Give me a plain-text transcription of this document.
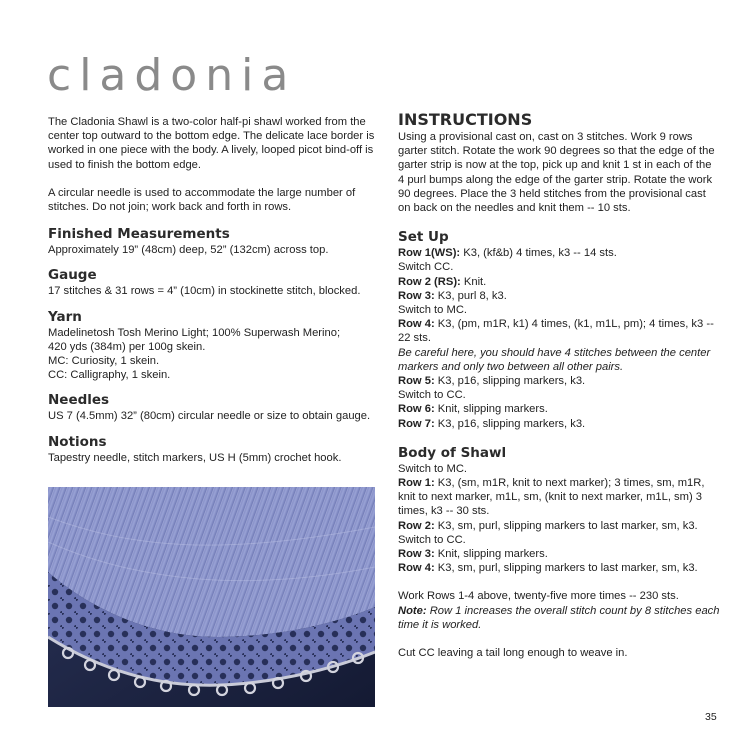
cladonia

The Cladonia Shawl is a two-color half-pi shawl worked from the center top outward to the bottom edge. The delicate lace border is worked in one piece with the body. A lively, looped picot bind-off is used to finish the bottom edge.

A circular needle is used to accommodate the large number of stitches. Do not join; work back and forth in rows.

Finished Measurements

Approximately 19” (48cm) deep, 52” (132cm) across top.

Gauge

17 stitches & 31 rows = 4” (10cm) in stockinette stitch, blocked.

Yarn

Madelinetosh Tosh Merino Light; 100% Superwash Merino;

420 yds (384m) per 100g skein.

MC: Curiosity, 1 skein.

CC: Calligraphy, 1 skein.

Needles

US 7 (4.5mm) 32” (80cm) circular needle or size to obtain gauge.

Notions

Tapestry needle, stitch markers, US H (5mm) crochet hook.

INSTRUCTIONS

Using a provisional cast on, cast on 3 stitches. Work 9 rows garter stitch. Rotate the work 90 degrees so that the edge of the garter strip is now at the top, pick up and knit 1 st in each of the 4 purl bumps along the edge of the garter strip. Rotate the work 90 degrees. Place the 3 held stitches from the provisional cast on back on the needles and knit them -- 10 sts.

Set Up
Row 1(WS): K3, (kf&b) 4 times, k3 -- 14 sts.
Switch CC.
Row 2 (RS): Knit.
Row 3: K3, purl 8, k3.
Switch to MC.
Row 4: K3, (pm, m1R, k1) 4 times, (k1, m1L, pm); 4 times, k3 -- 22 sts.
Be careful here, you should have 4 stitches between the center markers and only two between all other pairs.
Row 5: K3, p16, slipping markers, k3.
Switch to CC.
Row 6: Knit, slipping markers.
Row 7: K3, p16, slipping markers, k3.
Body of Shawl
Switch to MC.
Row 1: K3, (sm, m1R, knit to next marker); 3 times, sm, m1R, knit to next marker, m1L, sm, (knit to next marker, m1L, sm) 3 times, k3 -- 30 sts.
Row 2: K3, sm, purl, slipping markers to last marker, sm, k3.
Switch to CC.
Row 3: Knit, slipping markers.
Row 4: K3, sm, purl, slipping markers to last marker, sm, k3.
Work Rows 1-4 above, twenty-five more times -- 230 sts.
Note: Row 1 increases the overall stitch count by 8 stitches each time it is worked.
Cut CC leaving a tail long enough to weave in.
35
